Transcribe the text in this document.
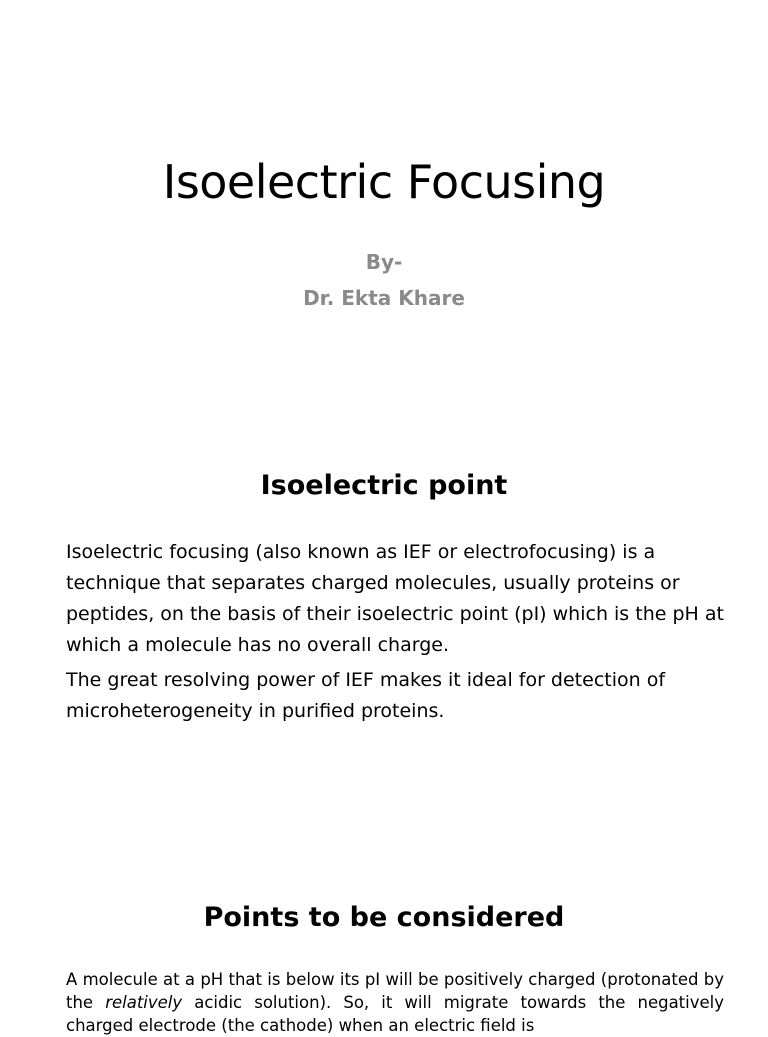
Isoelectric Focusing

By-

Dr. Ekta Khare

Isoelectric point

Isoelectric focusing (also known as IEF or electrofocusing) is a technique that separates charged molecules, usually proteins or peptides, on the basis of their isoelectric point (pI) which is the pH at which a molecule has no overall charge.

The great resolving power of IEF makes it ideal for detection of microheterogeneity in purified proteins.

Points to be considered

A molecule at a pH that is below its pI will be positively charged (protonated by the relatively acidic solution). So, it will migrate towards the negatively charged electrode (the cathode) when an electric field is
